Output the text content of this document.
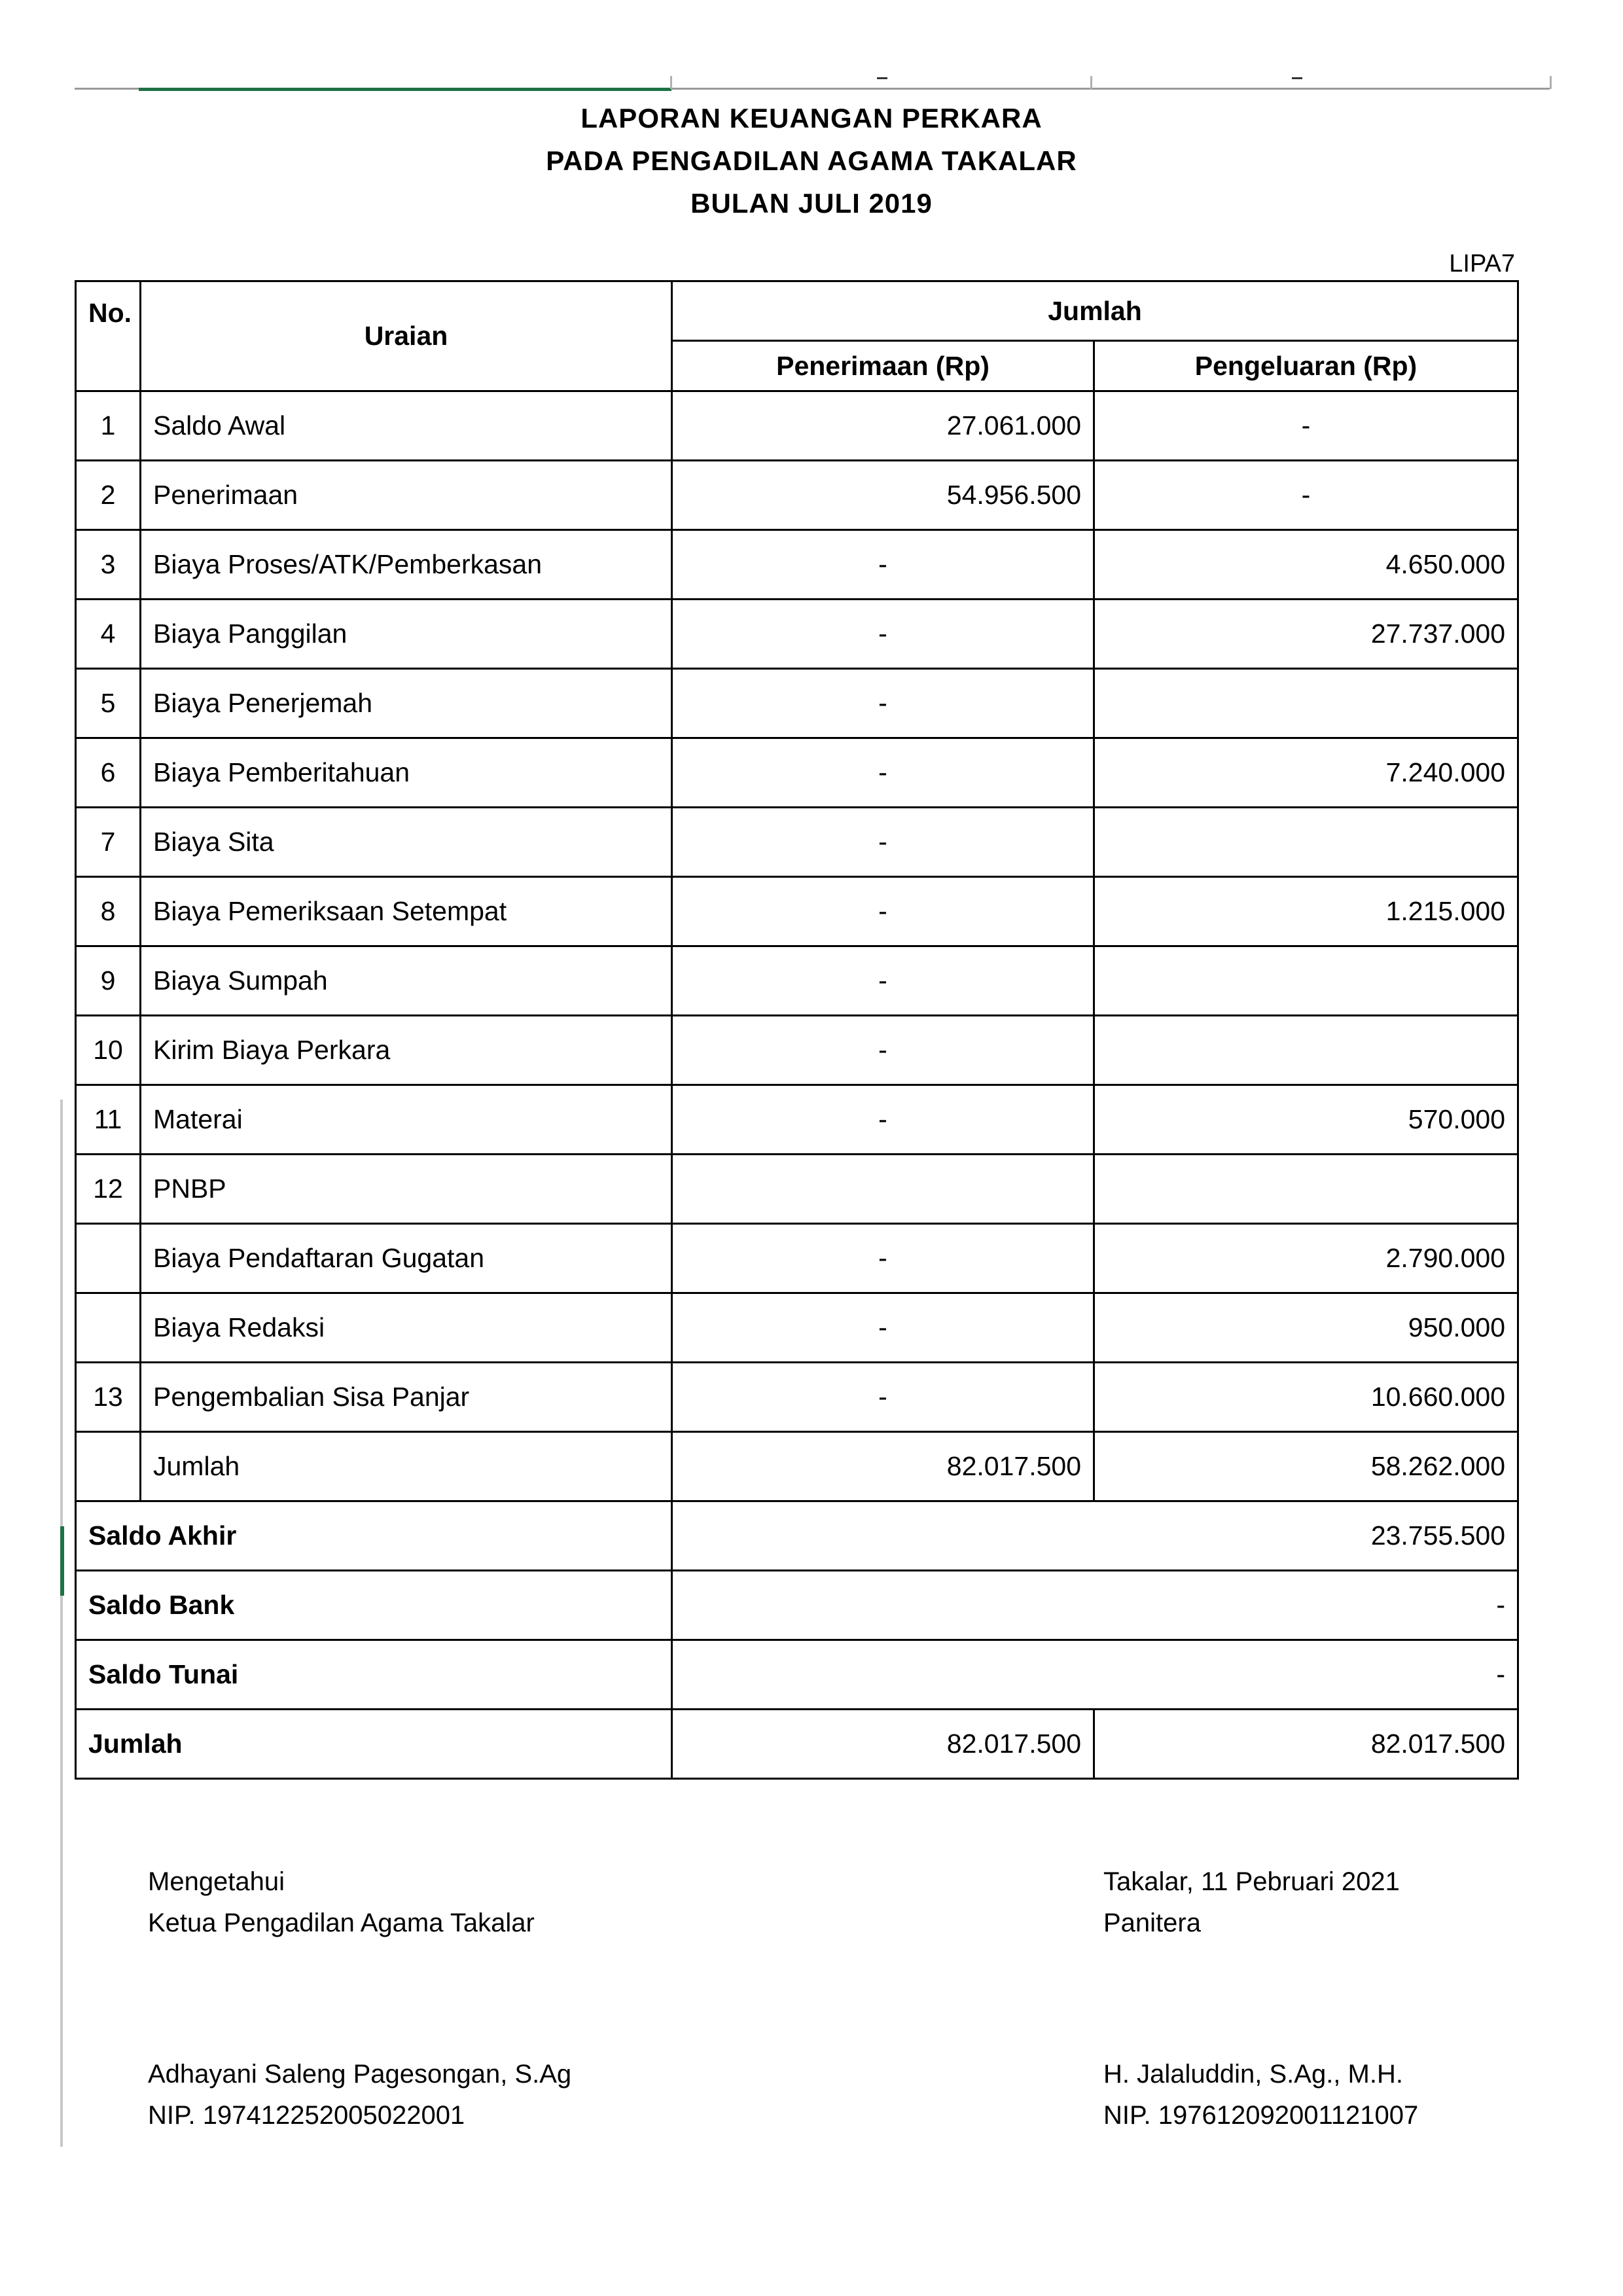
LAPORAN KEUANGAN PERKARA
PADA PENGADILAN AGAMA TAKALAR
BULAN JULI 2019
LIPA7
No.	Uraian	Jumlah	
		Penerimaan (Rp)	Pengeluaran (Rp)
1	Saldo Awal	27.061.000	-
2	Penerimaan	54.956.500	-
3	Biaya Proses/ATK/Pemberkasan	-	4.650.000
4	Biaya Panggilan	-	27.737.000
5	Biaya Penerjemah	-	
6	Biaya Pemberitahuan	-	7.240.000
7	Biaya Sita	-	
8	Biaya Pemeriksaan Setempat	-	1.215.000
9	Biaya Sumpah	-	
10	Kirim Biaya Perkara	-	
11	Materai	-	570.000
12	PNBP		
	Biaya Pendaftaran Gugatan	-	2.790.000
	Biaya Redaksi	-	950.000
13	Pengembalian Sisa Panjar	-	10.660.000
	Jumlah	82.017.500	58.262.000
Saldo Akhir		23.755.500	
Saldo Bank		-	
Saldo Tunai		-	
Jumlah		82.017.500	82.017.500
Mengetahui
Ketua Pengadilan Agama Takalar
Adhayani Saleng Pagesongan, S.Ag
NIP. 197412252005022001
Takalar, 11 Pebruari 2021
Panitera
H. Jalaluddin, S.Ag., M.H.
NIP. 197612092001121007
